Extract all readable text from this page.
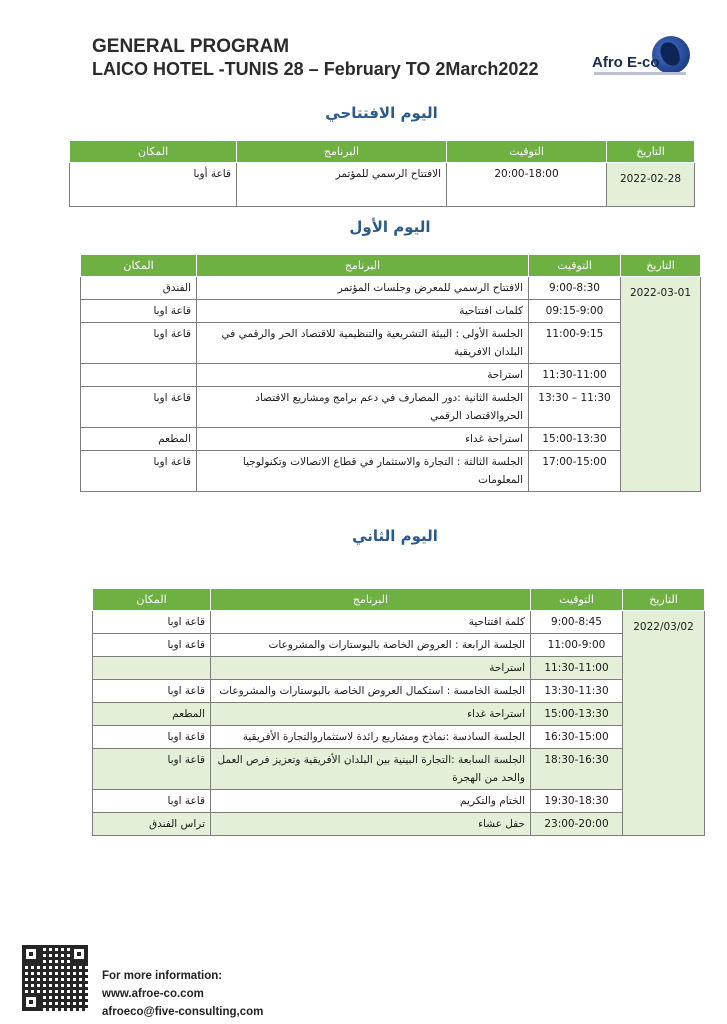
GENERAL PROGRAM
LAICO HOTEL -TUNIS 28 – February TO 2March2022	Afro E-co
اليوم الافتتاحي
التاريخ	التوقيت	البرنامج	المكان
2022-02-28	20:00-18:00	الافتتاح الرسمي للمؤتمر	قاعة أوبا
اليوم الأول
التاريخ	التوقيت	البرنامج	المكان
2022-03-01	9:00-8:30	الافتتاح الرسمي للمعرض وجلسات المؤتمر	الفندق
	09:15-9:00	كلمات افتتاحية	قاعة اوبا
	11:00-9:15	الجلسة الأولى : البيئة التشريعية والتنظيمية للاقتصاد الحر والرقمي في البلدان الافريقية	قاعة اوبا
	11:30-11:00	استراحة	
	13:30 – 11:30	الجلسة الثانية :دور المصارف في دعم برامج ومشاريع الاقتصاد الحروالاقتصاد الرقمي	قاعة اوبا
	15:00-13:30	استراحة غداء	المطعم
	17:00-15:00	الجلسة الثالثة : التجارة والاستثمار في قطاع الاتصالات وتكنولوجيا المعلومات	قاعة اوبا
اليوم الثاني
التاريخ	التوقيت	البرنامج	المكان
2022/03/02	9:00-8:45	كلمة افتتاحية	قاعة اوبا
	11:00-9:00	الجلسة الرابعة : العروض الخاصة بالبوستارات والمشروعات	قاعة اوبا
	11:30-11:00	استراحة	
	13:30-11:30	الجلسة الخامسة : استكمال العروض الخاصة بالبوستارات والمشروعات	قاعة اوبا
	15:00-13:30	استراحة غداء	المطعم
	16:30-15:00	الجلسة السادسة :نماذج ومشاريع رائدة لاستثماروالتجارة الأفريقية	قاعة اوبا
	18:30-16:30	الجلسة السابعة :التجارة البينية بين البلدان الأفريقية وتعزيز فرص العمل والحد من الهجرة	قاعة اوبا
	19:30-18:30	الختام والتكريم	قاعة اوبا
	23:00-20:00	حفل عشاء	تراس الفندق
For more information:
www.afroe-co.com
afroeco@five-consulting,com
